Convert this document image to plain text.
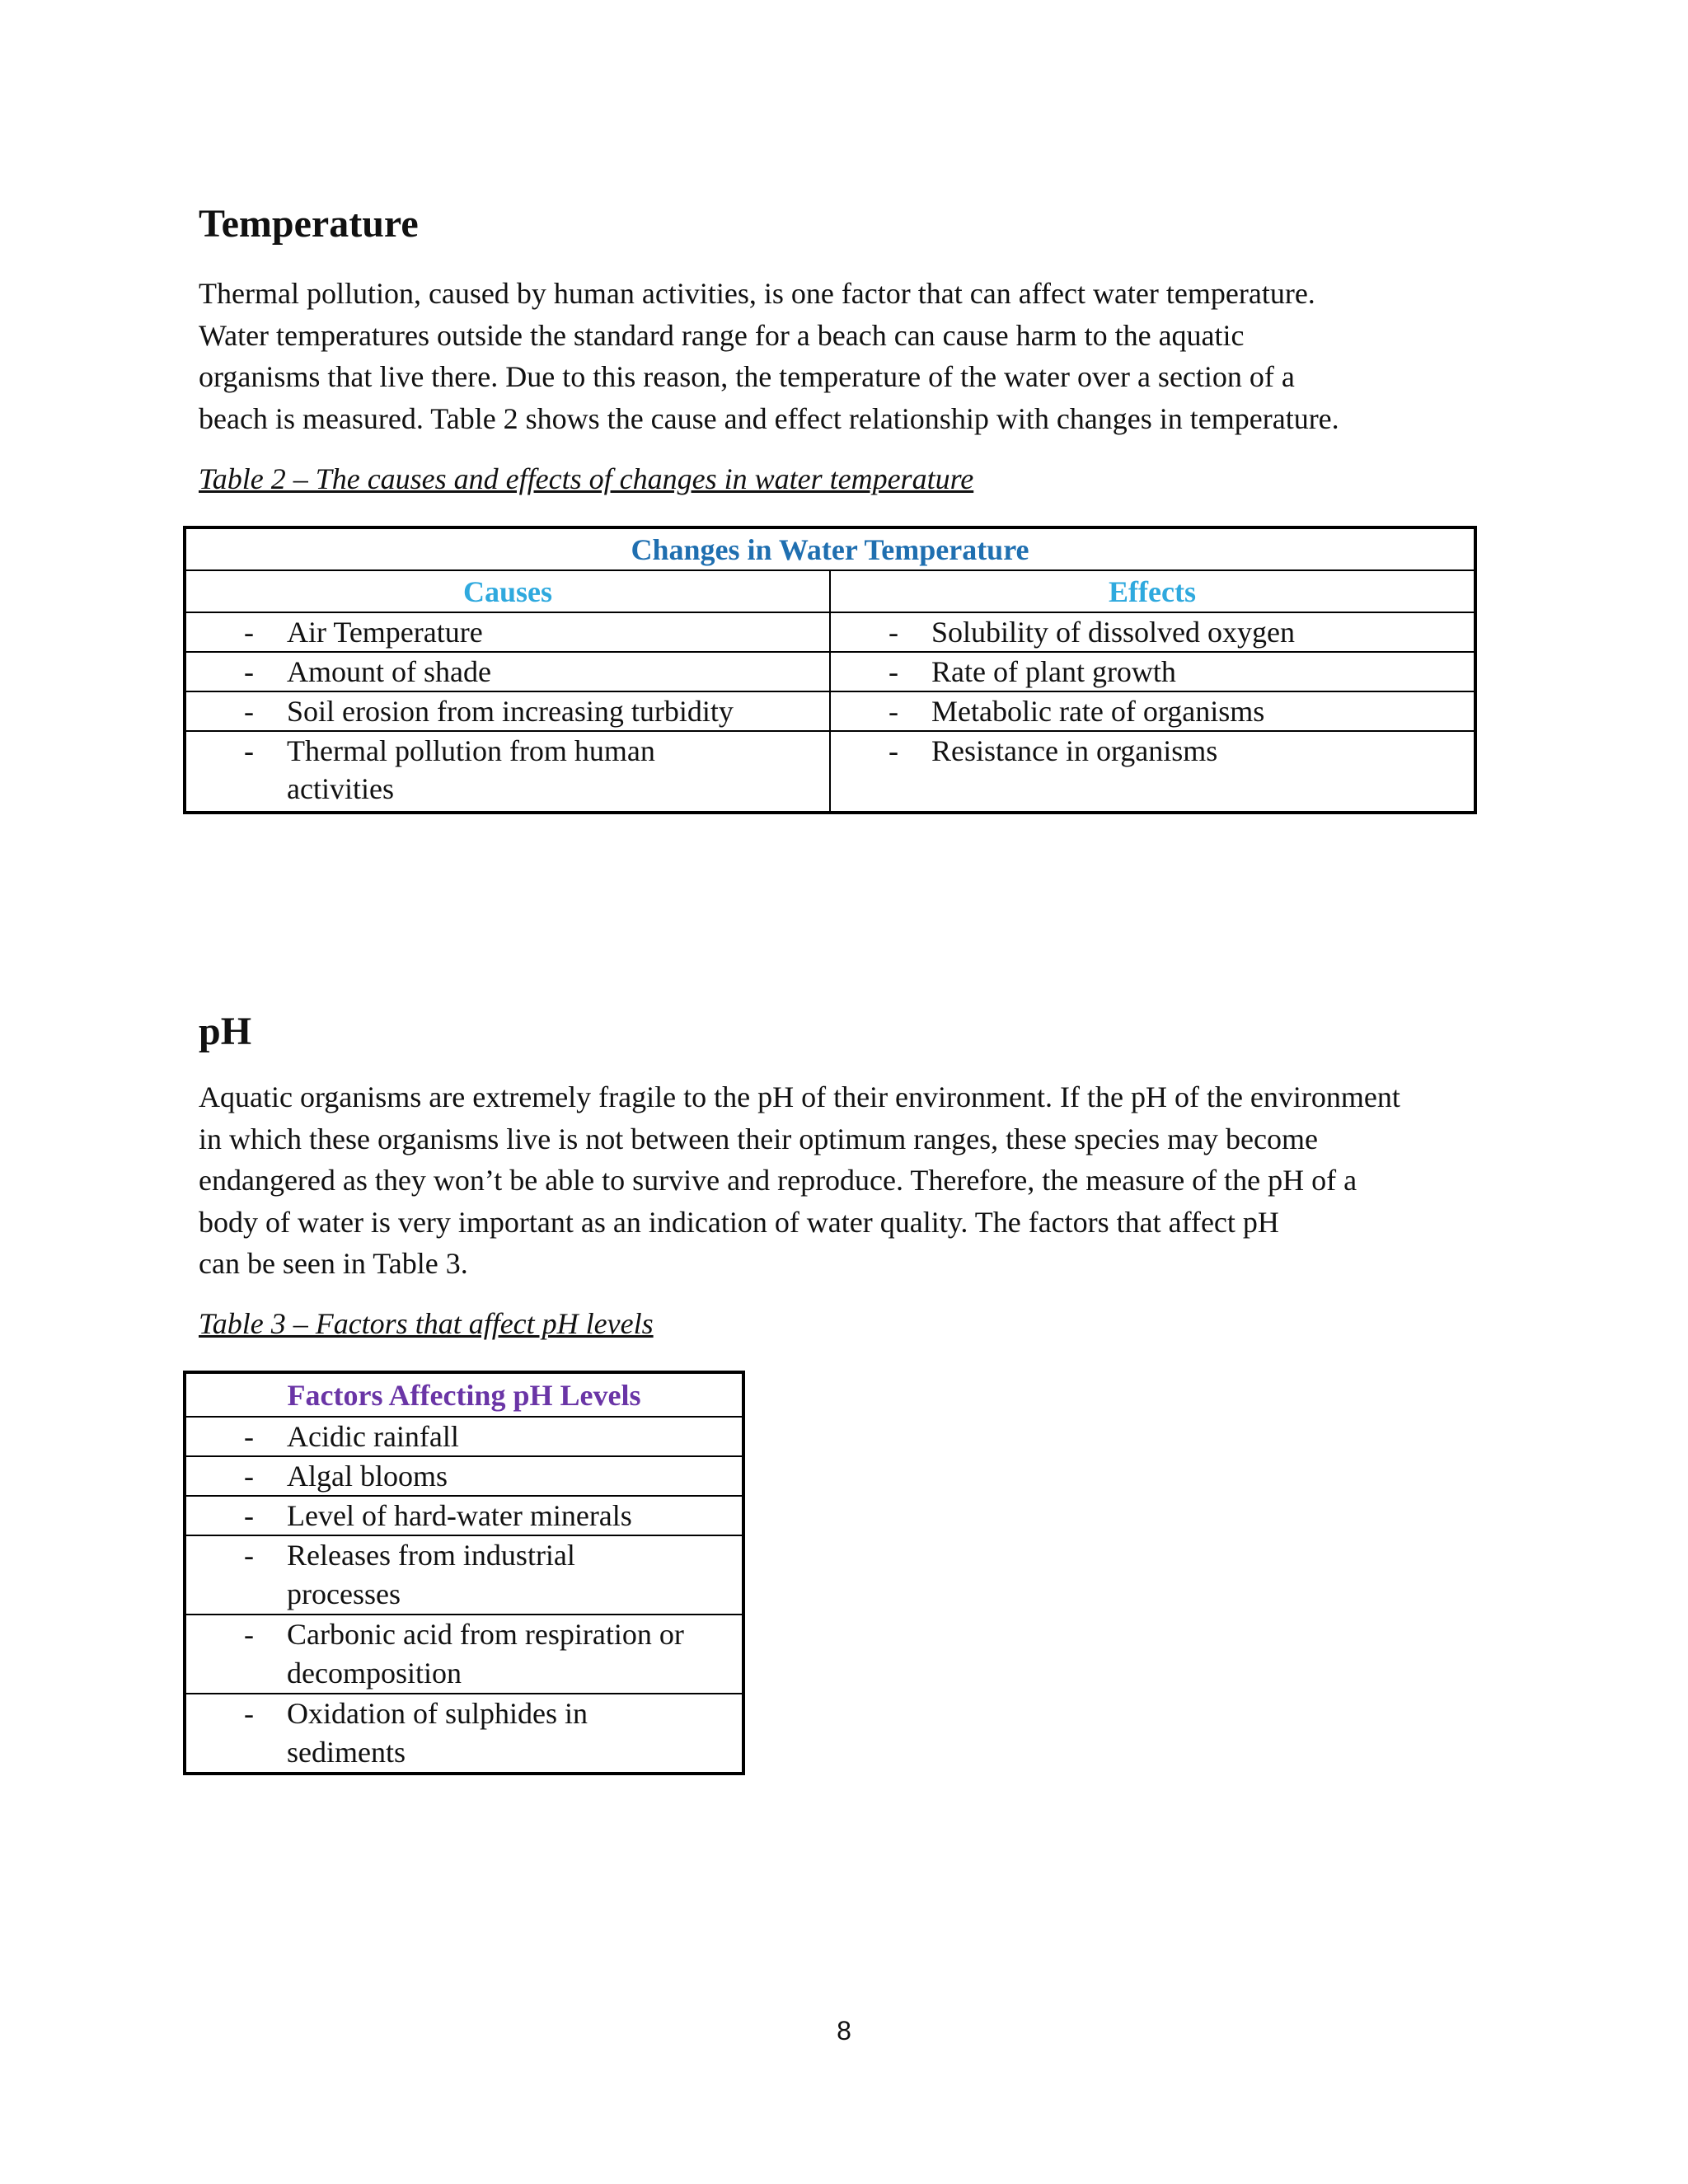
Temperature

Thermal pollution, caused by human activities, is one factor that can affect water temperature.
Water temperatures outside the standard range for a beach can cause harm to the aquatic
organisms that live there. Due to this reason, the temperature of the water over a section of a
beach is measured. Table 2 shows the cause and effect relationship with changes in temperature.

Table 2 – The causes and effects of changes in water temperature

Changes in Water Temperature	
Causes	Effects

- Air Temperature	- Solubility of dissolved oxygen

- Amount of shade	- Rate of plant growth

- Soil erosion from increasing turbidity	- Metabolic rate of organisms

- Thermal pollution from human activities	- Resistance in organisms
pH

Aquatic organisms are extremely fragile to the pH of their environment. If the pH of the environment
in which these organisms live is not between their optimum ranges, these species may become
endangered as they won’t be able to survive and reproduce. Therefore, the measure of the pH of a
body of water is very important as an indication of water quality. The factors that affect pH
can be seen in Table 3.

Table 3 – Factors that affect pH levels

Factors Affecting pH Levels

- Acidic rainfall

- Algal blooms

- Level of hard-water minerals

- Releases from industrial processes

- Carbonic acid from respiration or decomposition

- Oxidation of sulphides in sediments
8
